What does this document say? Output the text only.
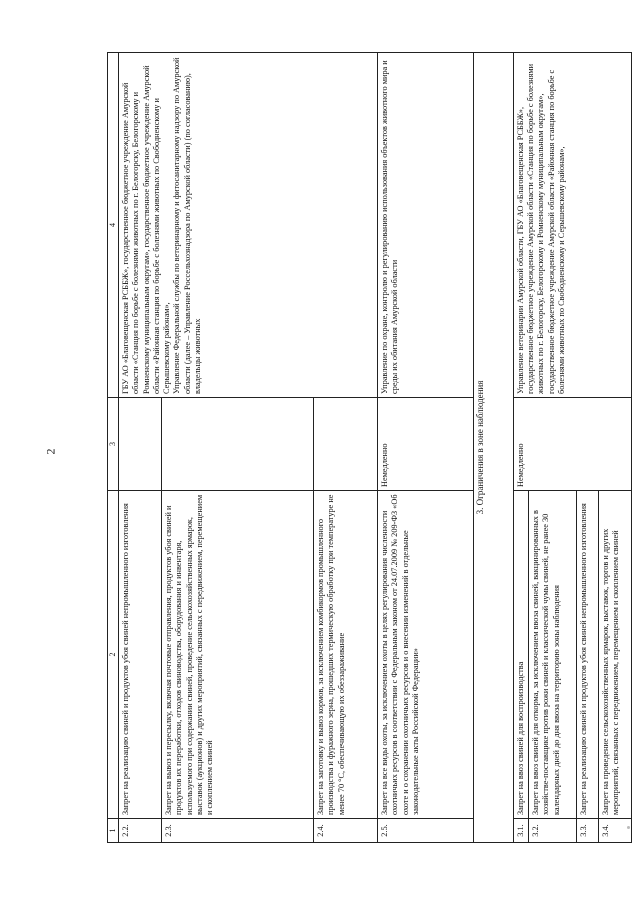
2
1	2	3	4
2.2.	Запрет на реализацию свиней и продуктов убоя свиней непромышленного изготовления		ГБУ АО «Благовещенская РСББЖ», государственное бюджетное учреждение Амурской области «Станция по борьбе с болезнями животных по г. Белогорску, Белогорскому и Ромненскому муниципальным округам», государственное бюджетное учреждение Амурской области «Районная станция по борьбе с болезнями животных по Свободненскому и Серышевскому районам», Управление Федеральной службы по ветеринарному и фитосанитарному надзору по Амурской области (далее – Управление Россельхознадзора по Амурской области) (по согласованию), владельцы животных

2.3.	Запрет на вывоз и пересылку, включая почтовые отправления, продуктов убоя свиней и продуктов их переработки, отходов свиноводства, оборудования и инвентаря, используемого при содержании свиней, проведение сельскохозяйственных ярмарок, выставок (аукционов) и других мероприятий, связанных с передвижением, перемещением и скоплением свиней		
2.4.	Запрет на заготовку и вывоз кормов, за исключением комбикормов промышленного производства и фуражного зерна, прошедших термическую обработку при температуре не менее 70 °C, обеспечивающую их обеззараживание		
2.5.	Запрет на все виды охоты, за исключением охоты в целях регулирования численности охотничьих ресурсов в соответствии с Федеральным законом от 24.07.2009 № 209-ФЗ «Об охоте и о сохранении охотничьих ресурсов и о внесении изменений в отдельные законодательные акты Российской Федерации»	Немедленно	Управление по охране, контролю и регулированию использования объектов животного мира и среды их обитания Амурской области
3. Ограничения в зоне наблюдения			
3.1.	Запрет на ввоз свиней для воспроизводства	Немедленно	Управление ветеринарии Амурской области, ГБУ АО «Благовещенская РСББЖ», государственное бюджетное учреждение Амурской области «Станция по борьбе с болезнями животных по г. Белогорску, Белогорскому и Ромненскому муниципальным округам», государственное бюджетное учреждение Амурской области «Районная станция по борьбе с болезнями животных по Свободненскому и Серышевскому районам»,
3.2.	Запрет на ввоз свиней для откорма, за исключением ввоза свиней, вакцинированных в хозяйстве-поставщике против рожи свиней и классической чумы свиней, не ранее 30 календарных дней до дня ввоза на территорию зоны наблюдения		
3.3.	Запрет на реализацию свиней и продуктов убоя свиней непромышленного изготовления		
3.4.	Запрет на проведение сельскохозяйственных ярмарок, выставок, торгов и других мероприятий, связанных с передвижением, перемещением и скоплением свиней		
